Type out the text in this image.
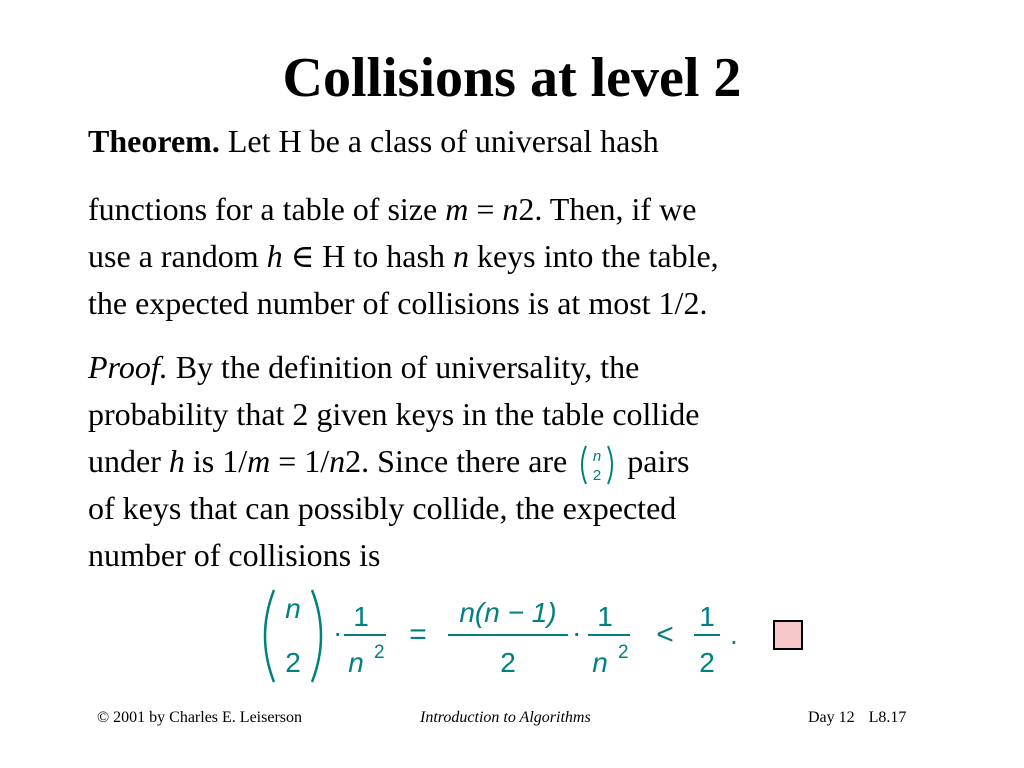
Collisions at level 2
Theorem. Let H be a class of universal hash
functions for a table of size m = n2. Then, if we
use a random h ∈ H to hash n keys into the table,
the expected number of collisions is at most 1/2.
Proof. By the definition of universality, the
probability that 2 given keys in the table collide
under h is 1/m = 1/n2. Since there are n
2 pairs
of keys that can possibly collide, the expected
number of collisions is
n
2
·
1
n 2
=
n(n − 1)
2
·
1
n 2
<
1
2
.
© 2001 by Charles E. Leiserson	Introduction to Algorithms	Day 12 L8.17
